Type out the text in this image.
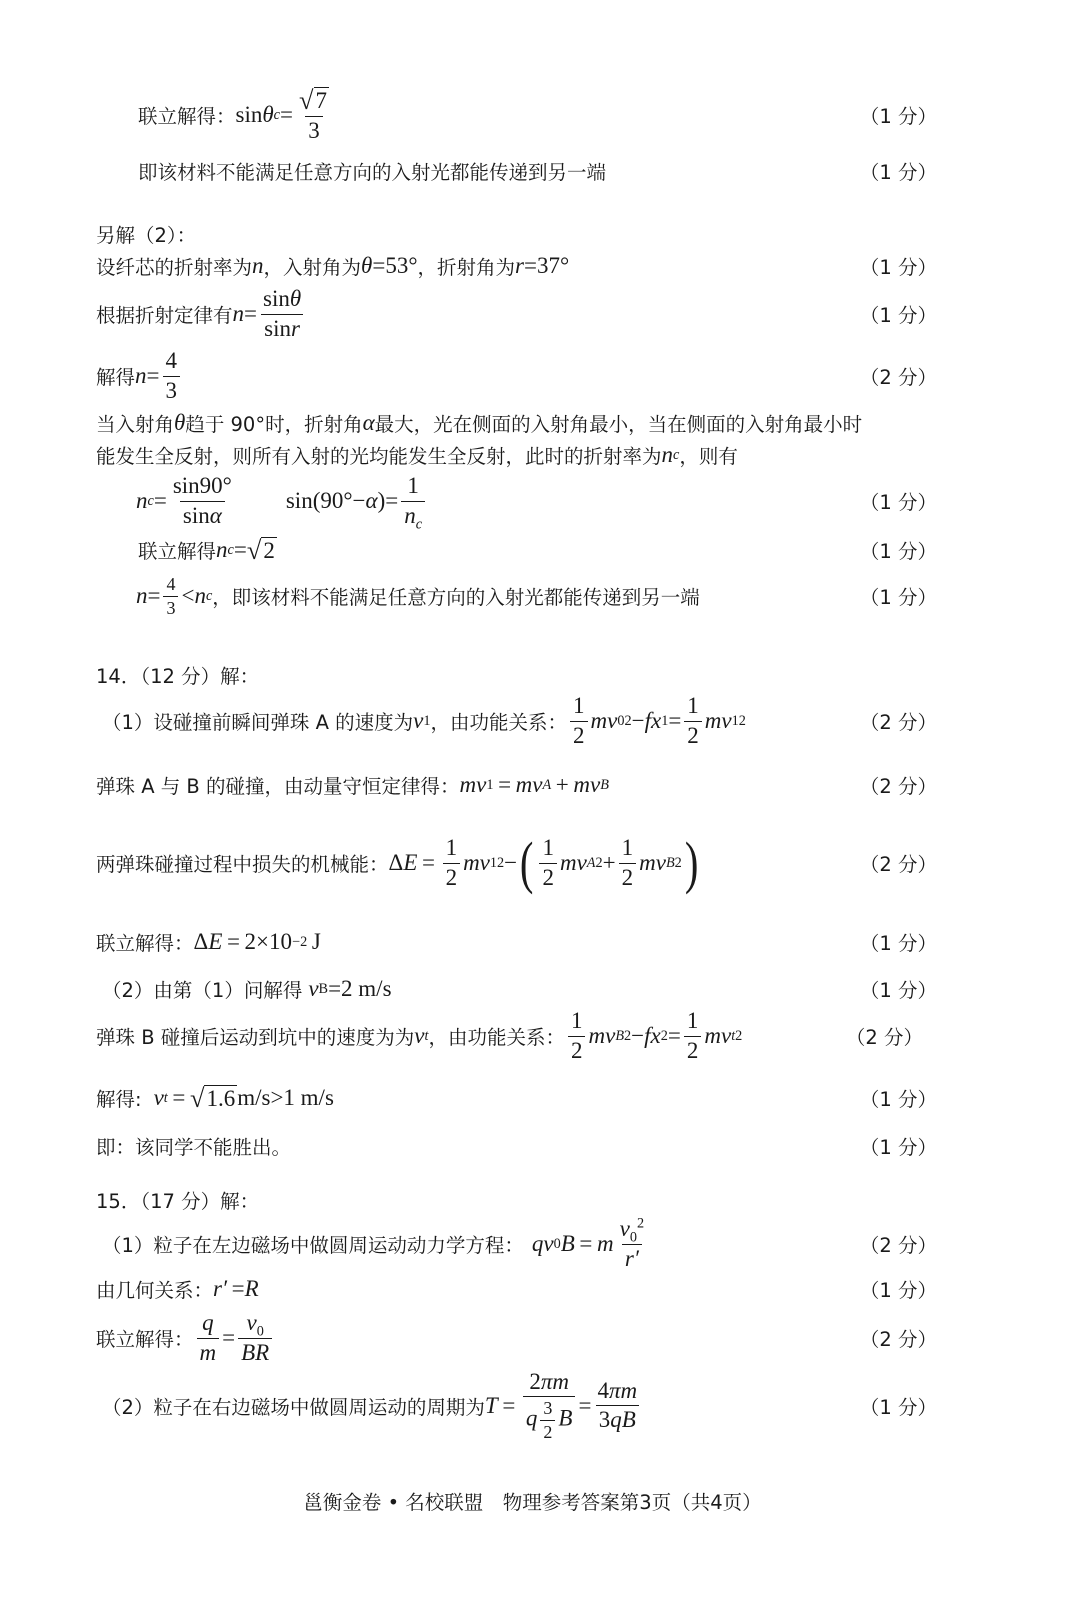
联立解得： sin θ c = √ 7
3
（1 分）
即该材料不能满足任意方向的入射光都能传递到另一端	（1 分）
另解（2）：
设纤芯的折射率为 n ，入射角为 θ =53° ，折射角为 r =37°	（1 分）
根据折射定律有 n =
sinθ
sinr	（1 分）
解得 n =
4
3	（2 分）
当入射角 θ 趋于 90°时，折射角 α 最大，光在侧面的入射角最小，当在侧面的入射角最小时
能发生全反射，则所有入射的光均能发生全反射，此时的折射率为 n c ，则有
n c =
sin90°
sinα
sin(90°− α )=
1
$n_c$
（1 分）
联立解得 n c = √ 2	（1 分）
n = 4
3 < n c ，即该材料不能满足任意方向的入射光都能传递到另一端	（1 分）
14．（12 分）解：
（1）设碰撞前瞬间弹珠 A 的速度为 v 1 ，由功能关系：
1
2
mv 0 2 − fx 1 =
1
2
mv 1 2	（2 分）
弹珠 A 与 B 的碰撞，由动量守恒定律得： mv 1  =  mv A  +  mv B	（2 分）
两弹珠碰撞过程中损失的机械能： Δ E  = 
1
2
mv 1 2 − ( 1
2
mv A 2 +
1
2
mv B 2 )	（2 分）
联立解得： Δ E  = 2×10 −2
  J	（1 分）
（2）由第（1）问解得 v B =2 m/s	（1 分）
弹珠 B 碰撞后运动到坑中的速度为为 v t ，由功能关系：
1
2
mv B 2 − fx 2 =
1
2
mv t 2	（2 分）
解得: v t  =  √ 1.6 m/s>1 m/s	（1 分）
即：该同学不能胜出。	（1 分）
15．（17 分）解：
（1）粒子在左边磁场中做圆周运动动力学方程： qv 0 B  =  m
$v_0^2$
r′	（2 分）
由几何关系： r′  = R	（1 分）
联立解得：
q
m
=
$v_0$
BR	（2 分）
（2）粒子在右边磁场中做圆周运动的周期为 T  = 
2πm
q $\frac{3}{2}$ B
=
4πm
3qB	（1 分）
邕衡金卷 • 名校联盟　物理参考答案第3页（共4页）
